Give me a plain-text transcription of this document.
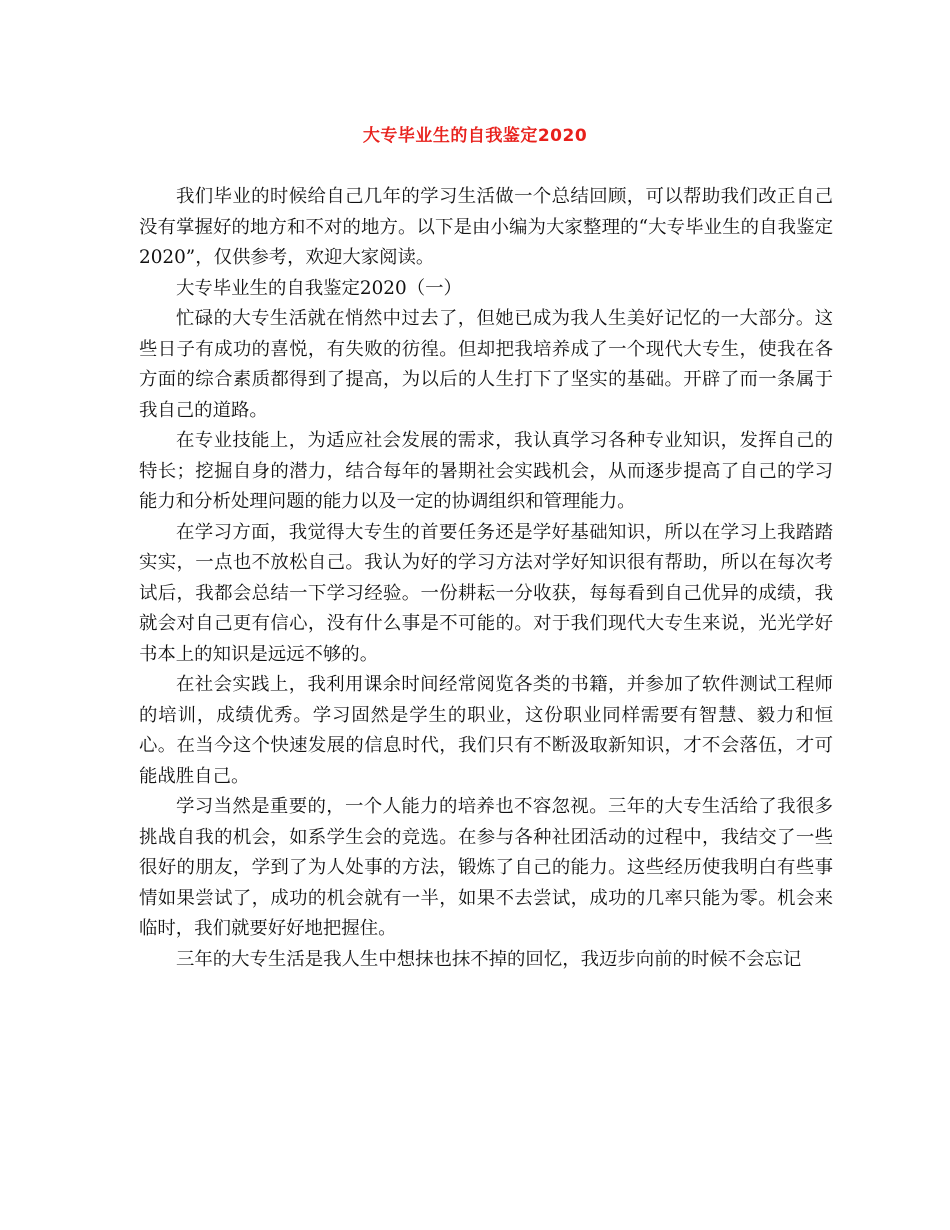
大专毕业生的自我鉴定2020

我们毕业的时候给自己几年的学习生活做一个总结回顾，可以帮助我们改正自己没有掌握好的地方和不对的地方。以下是由小编为大家整理的“大专毕业生的自我鉴定2020”，仅供参考，欢迎大家阅读。

大专毕业生的自我鉴定2020（一）

忙碌的大专生活就在悄然中过去了，但她已成为我人生美好记忆的一大部分。这些日子有成功的喜悦，有失败的彷徨。但却把我培养成了一个现代大专生，使我在各方面的综合素质都得到了提高，为以后的人生打下了坚实的基础。开辟了而一条属于我自己的道路。

在专业技能上，为适应社会发展的需求，我认真学习各种专业知识，发挥自己的特长；挖掘自身的潜力，结合每年的暑期社会实践机会，从而逐步提高了自己的学习能力和分析处理问题的能力以及一定的协调组织和管理能力。

在学习方面，我觉得大专生的首要任务还是学好基础知识，所以在学习上我踏踏实实，一点也不放松自己。我认为好的学习方法对学好知识很有帮助，所以在每次考试后，我都会总结一下学习经验。一份耕耘一分收获，每每看到自己优异的成绩，我就会对自己更有信心，没有什么事是不可能的。对于我们现代大专生来说，光光学好书本上的知识是远远不够的。

在社会实践上，我利用课余时间经常阅览各类的书籍，并参加了软件测试工程师的培训，成绩优秀。学习固然是学生的职业，这份职业同样需要有智慧、毅力和恒心。在当今这个快速发展的信息时代，我们只有不断汲取新知识，才不会落伍，才可能战胜自己。

学习当然是重要的，一个人能力的培养也不容忽视。三年的大专生活给了我很多挑战自我的机会，如系学生会的竞选。在参与各种社团活动的过程中，我结交了一些很好的朋友，学到了为人处事的方法，锻炼了自己的能力。这些经历使我明白有些事情如果尝试了，成功的机会就有一半，如果不去尝试，成功的几率只能为零。机会来临时，我们就要好好地把握住。

三年的大专生活是我人生中想抹也抹不掉的回忆，我迈步向前的时候不会忘记
